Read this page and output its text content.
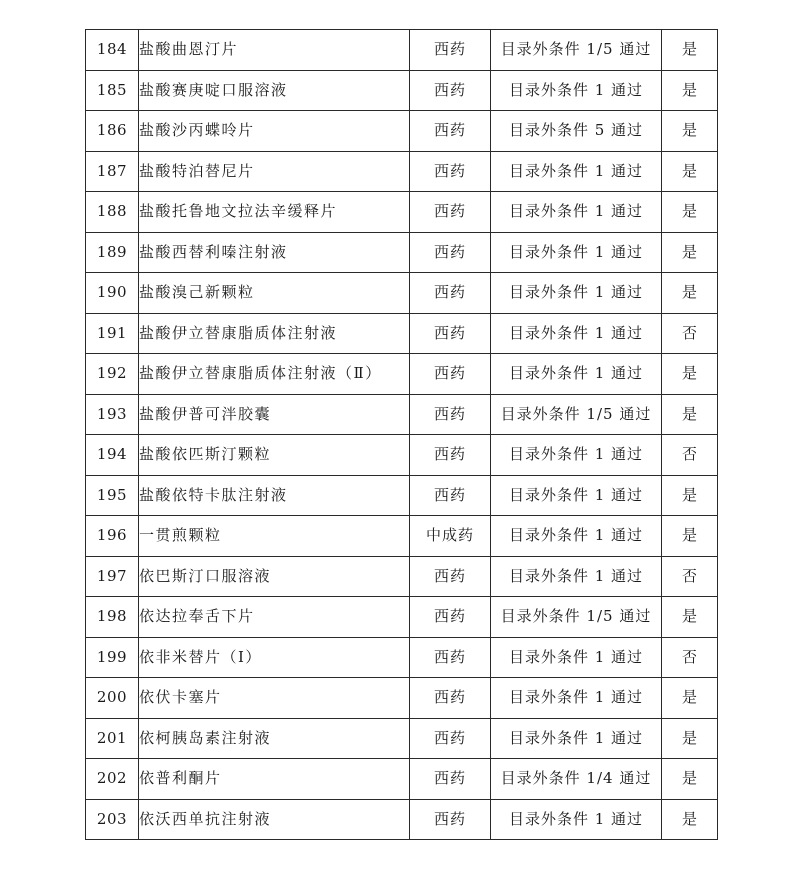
184	盐酸曲恩汀片	西药	目录外条件 1/5 通过	是
185	盐酸赛庚啶口服溶液	西药	目录外条件 1 通过	是
186	盐酸沙丙蝶呤片	西药	目录外条件 5 通过	是
187	盐酸特泊替尼片	西药	目录外条件 1 通过	是
188	盐酸托鲁地文拉法辛缓释片	西药	目录外条件 1 通过	是
189	盐酸西替利嗪注射液	西药	目录外条件 1 通过	是
190	盐酸溴己新颗粒	西药	目录外条件 1 通过	是
191	盐酸伊立替康脂质体注射液	西药	目录外条件 1 通过	否
192	盐酸伊立替康脂质体注射液（Ⅱ）	西药	目录外条件 1 通过	是
193	盐酸伊普可泮胶囊	西药	目录外条件 1/5 通过	是
194	盐酸依匹斯汀颗粒	西药	目录外条件 1 通过	否
195	盐酸依特卡肽注射液	西药	目录外条件 1 通过	是
196	一贯煎颗粒	中成药	目录外条件 1 通过	是
197	依巴斯汀口服溶液	西药	目录外条件 1 通过	否
198	依达拉奉舌下片	西药	目录外条件 1/5 通过	是
199	依非米替片（Ⅰ）	西药	目录外条件 1 通过	否
200	依伏卡塞片	西药	目录外条件 1 通过	是
201	依柯胰岛素注射液	西药	目录外条件 1 通过	是
202	依普利酮片	西药	目录外条件 1/4 通过	是
203	依沃西单抗注射液	西药	目录外条件 1 通过	是
